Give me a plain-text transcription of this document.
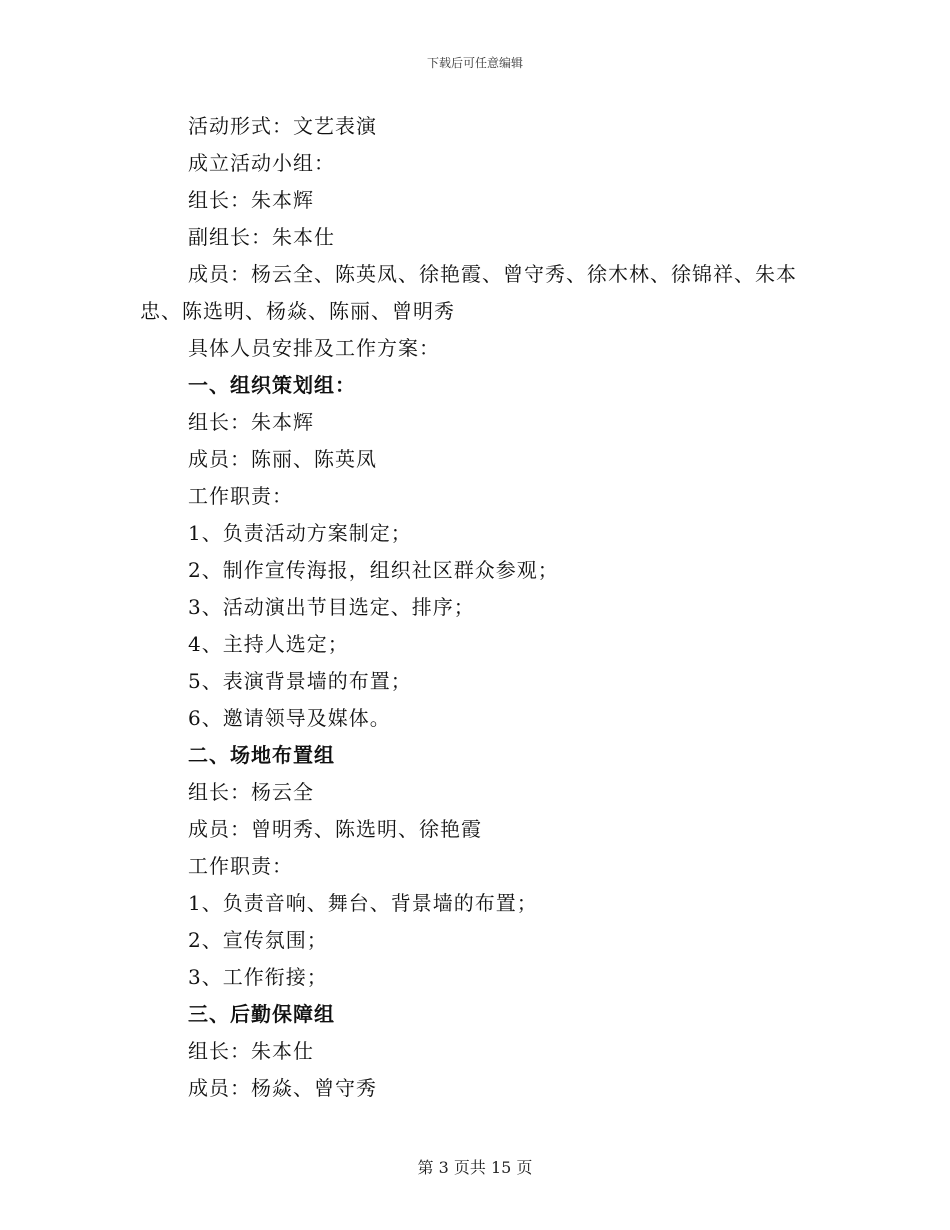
下载后可任意编辑
活动形式：文艺表演
成立活动小组：
组长：朱本辉
副组长：朱本仕
成员：杨云全、陈英凤、徐艳霞、曾守秀、徐木林、徐锦祥、朱本忠、陈选明、杨焱、陈丽、曾明秀
具体人员安排及工作方案：
一、组织策划组：
组长：朱本辉
成员：陈丽、陈英凤
工作职责：
1、负责活动方案制定；
2、制作宣传海报，组织社区群众参观；
3、活动演出节目选定、排序；
4、主持人选定；
5、表演背景墙的布置；
6、邀请领导及媒体。
二、场地布置组
组长：杨云全
成员：曾明秀、陈选明、徐艳霞
工作职责：
1、负责音响、舞台、背景墙的布置；
2、宣传氛围；
3、工作衔接；
三、后勤保障组
组长：朱本仕
成员：杨焱、曾守秀
第 3 页共 15 页
